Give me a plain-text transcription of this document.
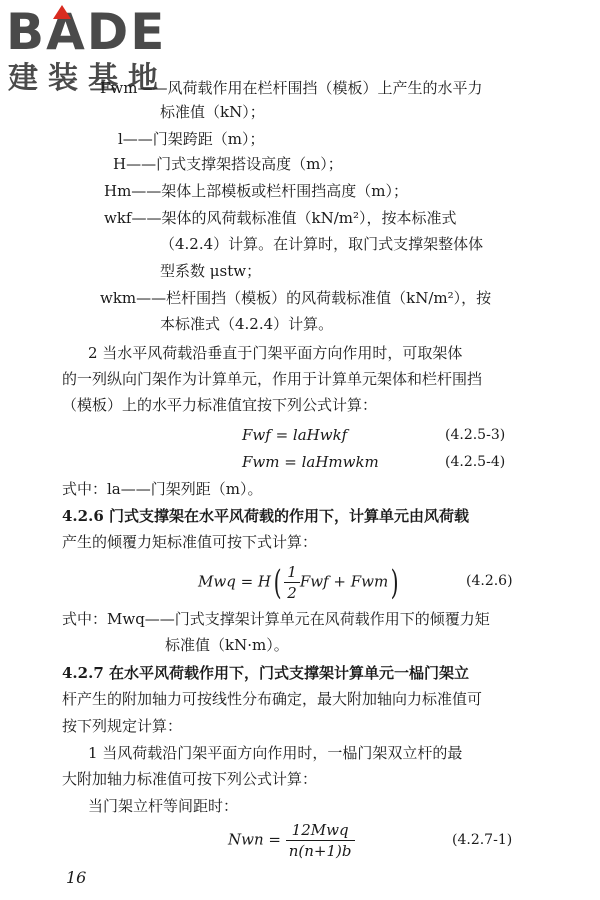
BADE
建装基地
Fwm——风荷载作用在栏杆围挡（模板）上产生的水平力
标准值（kN）；
l——门架跨距（m）；
H——门式支撑架搭设高度（m）；
Hm——架体上部模板或栏杆围挡高度（m）；
wkf——架体的风荷载标准值（kN/m²），按本标准式
（4.2.4）计算。在计算时，取门式支撑架整体体
型系数 μstw；
wkm——栏杆围挡（模板）的风荷载标准值（kN/m²），按
本标准式（4.2.4）计算。
2 当水平风荷载沿垂直于门架平面方向作用时，可取架体
的一列纵向门架作为计算单元，作用于计算单元架体和栏杆围挡
（模板）上的水平力标准值宜按下列公式计算：
Fwf = laHwkf	(4.2.5-3)
Fwm = laHmwkm	(4.2.5-4)
式中：la——门架列距（m）。
4.2.6 门式支撑架在水平风荷载的作用下，计算单元由风荷载
产生的倾覆力矩标准值可按下式计算：
Mwq = $H( \frac{1}{2}$ Fwf + Fwm)	(4.2.6)
式中：Mwq——门式支撑架计算单元在风荷载作用下的倾覆力矩
标准值（kN·m）。
4.2.7 在水平风荷载作用下，门式支撑架计算单元一榀门架立
杆产生的附加轴力可按线性分布确定，最大附加轴向力标准值可
按下列规定计算：
1 当风荷载沿门架平面方向作用时，一榀门架双立杆的最
大附加轴力标准值可按下列公式计算：
当门架立杆等间距时：
Nwn = $\frac{\text{12Mwq}}{n(n+1)b}$	(4.2.7-1)
16
